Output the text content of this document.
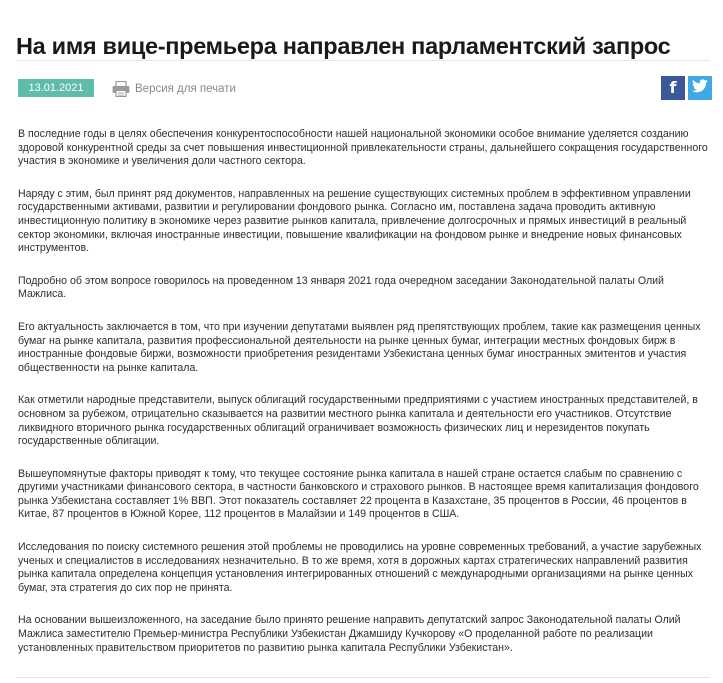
На имя вице-премьера направлен парламентский запрос
13.01.2021	Версия для печати	f

В последние годы в целях обеспечения конкурентоспособности нашей национальной экономики особое внимание уделяется созданию здоровой конкурентной среды за счет повышения инвестиционной привлекательности страны, дальнейшего сокращения государственного участия в экономике и увеличения доли частного сектора.

Наряду с этим, был принят ряд документов, направленных на решение существующих системных проблем в эффективном управлении государственными активами, развитии и регулировании фондового рынка. Согласно им, поставлена задача проводить активную инвестиционную политику в экономике через развитие рынков капитала, привлечение долгосрочных и прямых инвестиций в реальный сектор экономики, включая иностранные инвестиции, повышение квалификации на фондовом рынке и внедрение новых финансовых инструментов.

Подробно об этом вопросе говорилось на проведенном 13 января 2021 года очередном заседании Законодательной палаты Олий Мажлиса.

Его актуальность заключается в том, что при изучении депутатами выявлен ряд препятствующих проблем, такие как размещения ценных бумаг на рынке капитала, развития профессиональной деятельности на рынке ценных бумаг, интеграции местных фондовых бирж в иностранные фондовые биржи, возможности приобретения резидентами Узбекистана ценных бумаг иностранных эмитентов и участия общественности на рынке капитала.

Как отметили народные представители, выпуск облигаций государственными предприятиями с участием иностранных представителей, в основном за рубежом, отрицательно сказывается на развитии местного рынка капитала и деятельности его участников. Отсутствие ликвидного вторичного рынка государственных облигаций ограничивает возможность физических лиц и нерезидентов покупать государственные облигации.

Вышеупомянутые факторы приводят к тому, что текущее состояние рынка капитала в нашей стране остается слабым по сравнению с другими участниками финансового сектора, в частности банковского и страхового рынков. В настоящее время капитализация фондового рынка Узбекистана составляет 1% ВВП. Этот показатель составляет 22 процента в Казахстане, 35 процентов в России, 46 процентов в Китае, 87 процентов в Южной Корее, 112 процентов в Малайзии и 149 процентов в США.

Исследования по поиску системного решения этой проблемы не проводились на уровне современных требований, а участие зарубежных ученых и специалистов в исследованиях незначительно. В то же время, хотя в дорожных картах стратегических направлений развития рынка капитала определена концепция установления интегрированных отношений с международными организациями на рынке ценных бумаг, эта стратегия до сих пор не принята.

На основании вышеизложенного, на заседание было принято решение направить депутатский запрос Законодательной палаты Олий Мажлиса заместителю Премьер-министра Республики Узбекистан Джамшиду Кучкорову «О проделанной работе по реализации установленных правительством приоритетов по развитию рынка капитала Республики Узбекистан».
